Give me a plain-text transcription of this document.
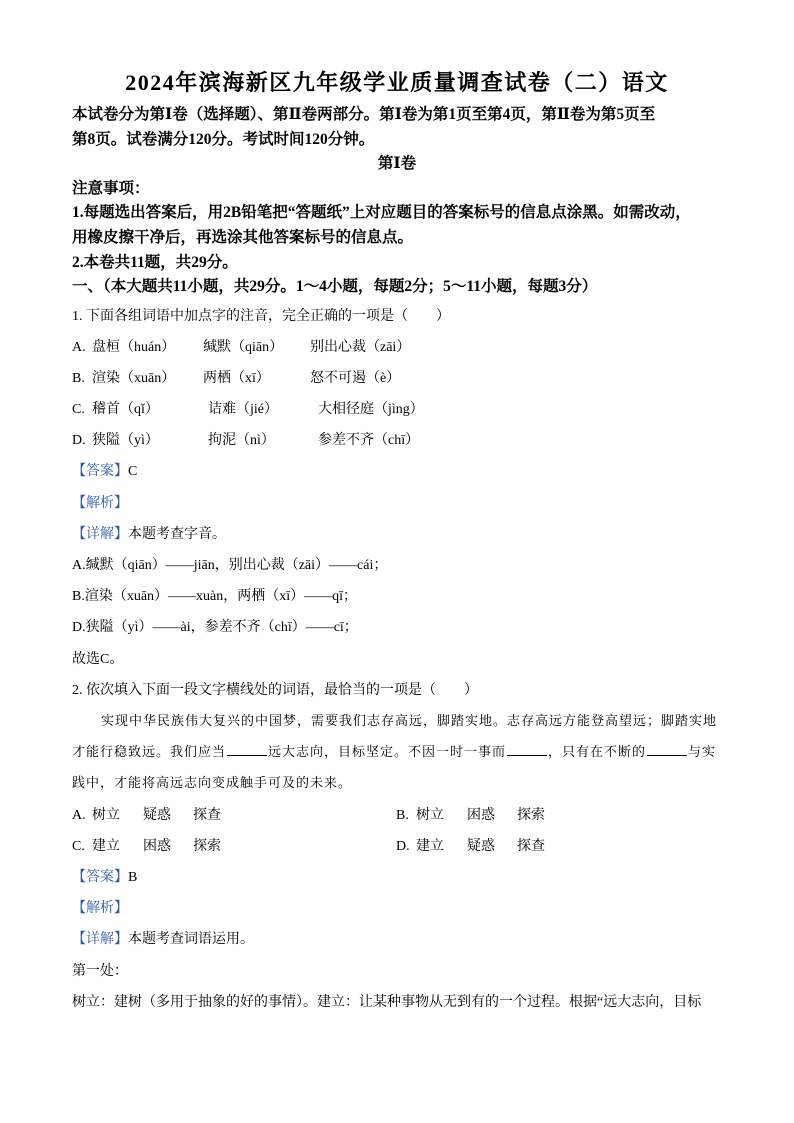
2024年滨海新区九年级学业质量调查试卷（二）语文
本试卷分为第Ⅰ卷（选择题）、第Ⅱ卷两部分。第Ⅰ卷为第1页至第4页，第Ⅱ卷为第5页至
第8页。试卷满分120分。考试时间120分钟。
第Ⅰ卷
注意事项：
1.每题选出答案后，用2B铅笔把“答题纸”上对应题目的答案标号的信息点涂黑。如需改动，
用橡皮擦干净后，再选涂其他答案标号的信息点。
2.本卷共11题，共29分。
一、（本大题共11小题，共29分。1～4小题，每题2分；5～11小题，每题3分）
1. 下面各组词语中加点字的注音，完全正确的一项是（　　）
A. 盘桓（huán） 缄默（qiān） 别出心裁（zāi）
B. 渲染（xuān） 两栖（xī）	怒不可遏（è）
C. 稽首（qǐ）	诘难（jié）	大相径庭（jìng）
D. 狭隘（yì）	拘泥（nì）	参差不齐（chī）
【答案】C
【解析】
【详解】本题考查字音。
A.缄默（qiān）——jiān，别出心裁（zāi）——cái；
B.渲染（xuān）——xuàn，两栖（xī）——qī；
D.狭隘（yì）——ài，参差不齐（chī）——cī；
故选C。
2. 依次填入下面一段文字横线处的词语，最恰当的一项是（　　）
实现中华民族伟大复兴的中国梦，需要我们志存高远，脚踏实地。志存高远方能登高望远；脚踏实地
才能行稳致远。我们应当	远大志向，目标坚定。不因一时一事而	，只有在不断的	与实
践中，才能将高远志向变成触手可及的未来。
A. 树立 疑惑 探查	B. 树立 困惑 探索
C. 建立 困惑 探索	D. 建立 疑惑 探查
【答案】B
【解析】
【详解】本题考查词语运用。
第一处：
树立：建树（多用于抽象的好的事情）。建立：让某种事物从无到有的一个过程。根据“远大志向，目标
